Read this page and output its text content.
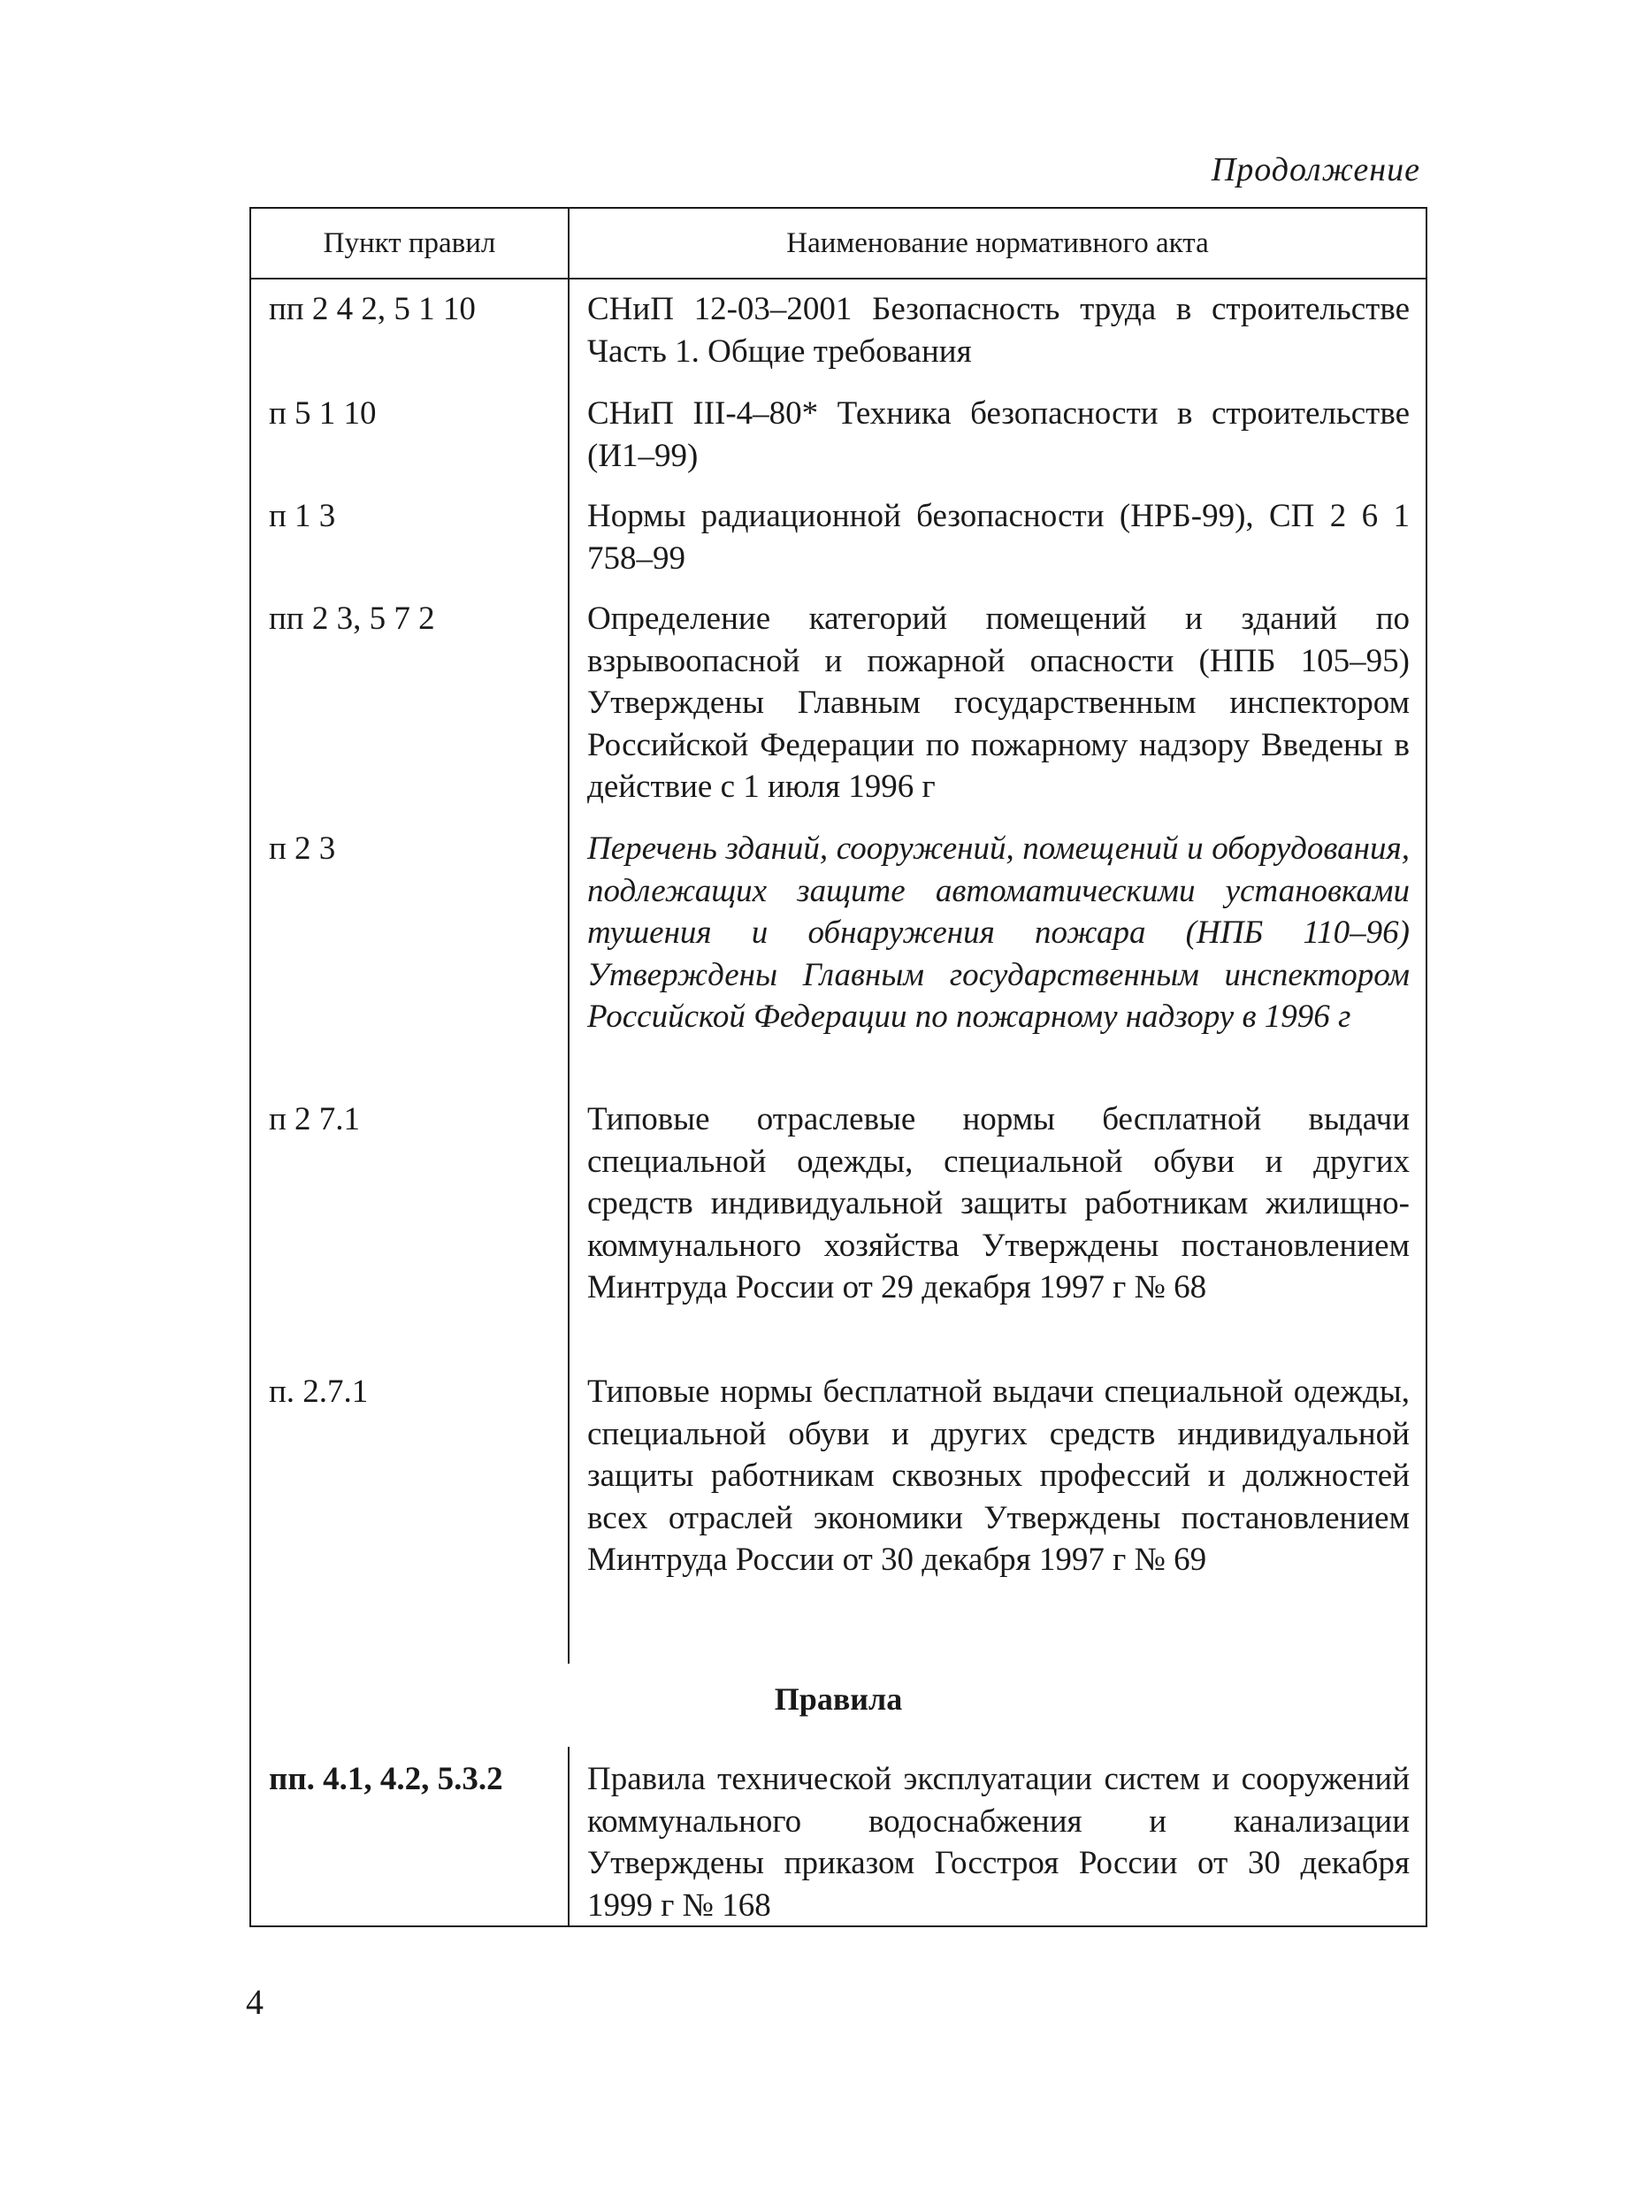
Продолжение
Пункт правил	Наименование нормативного акта
пп 2 4 2, 5 1 10	СНиП 12-03–2001 Безопасность труда в строительстве Часть 1. Общие требования
п 5 1 10	СНиП III-4–80* Техника безопасности в строительстве (И1–99)
п 1 3	Нормы радиационной безопасности (НРБ-99), СП 2 6 1 758–99
пп 2 3, 5 7 2	Определение категорий помещений и зданий по взрывоопасной и пожарной опасности (НПБ 105–95) Утверждены Главным государственным инспектором Российской Федерации по пожарному надзору Введены в действие с 1 июля 1996 г
п 2 3	Перечень зданий, сооружений, помещений и оборудования, подлежащих защите автоматическими установками тушения и обнаружения пожара (НПБ 110–96) Утверждены Главным государственным инспектором Российской Федерации по пожарному надзору в 1996 г
п 2 7.1	Типовые отраслевые нормы бесплатной выдачи специальной одежды, специальной обуви и других средств индивидуальной защиты работникам жилищно-коммунального хозяйства Утверждены постановлением Минтруда России от 29 декабря 1997 г № 68
п. 2.7.1	Типовые нормы бесплатной выдачи специальной одежды, специальной обуви и других средств индивидуальной защиты работникам сквозных профессий и должностей всех отраслей экономики Утверждены постановлением Минтруда России от 30 декабря 1997 г № 69
Правила
пп. 4.1, 4.2, 5.3.2	Правила технической эксплуатации систем и сооружений коммунального водоснабжения и канализации Утверждены приказом Госстроя России от 30 декабря 1999 г № 168
4
